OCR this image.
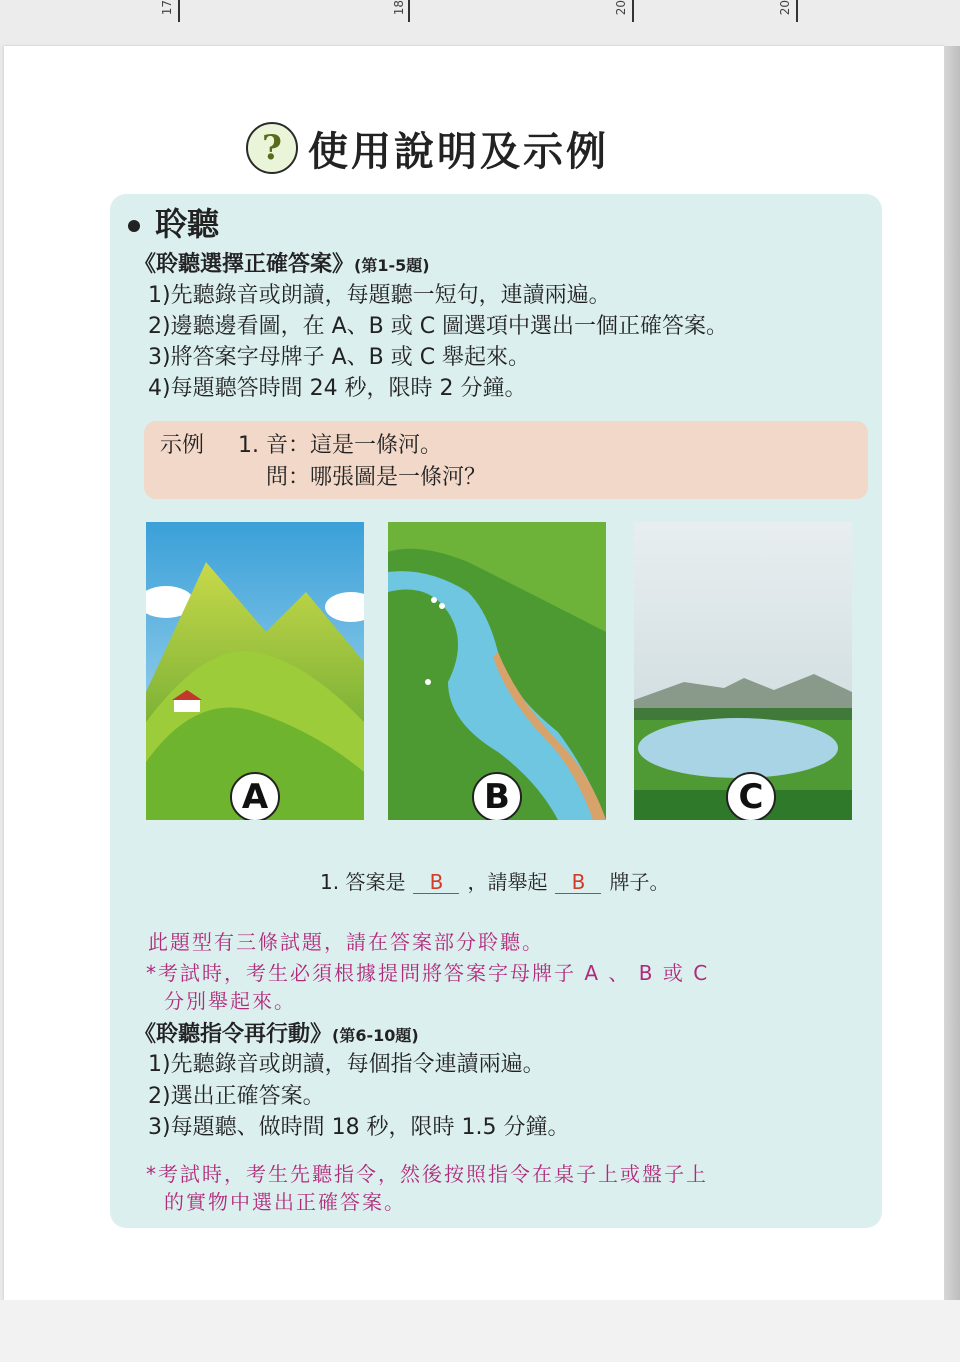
17	18	20	20
? 使用說明及示例
聆聽
《聆聽選擇正確答案》(第1-5題)
1)先聽錄音或朗讀，每題聽一短句，連讀兩遍。
2)邊聽邊看圖，在 A、B 或 C 圖選項中選出一個正確答案。
3)將答案字母牌子 A、B 或 C 舉起來。
4)每題聽答時間 24 秒，限時 2 分鐘。
示例 1. 音：這是一條河。
問：哪張圖是一條河？
A	B	C
1. 答案是 B ，請舉起 B 牌子。
此題型有三條試題，請在答案部分聆聽。
*考試時，考生必須根據提問將答案字母牌子 A 、 B 或 C
分別舉起來。
《聆聽指令再行動》(第6-10題)
1)先聽錄音或朗讀，每個指令連讀兩遍。
2)選出正確答案。
3)每題聽、做時間 18 秒，限時 1.5 分鐘。
*考試時，考生先聽指令，然後按照指令在桌子上或盤子上
的實物中選出正確答案。
